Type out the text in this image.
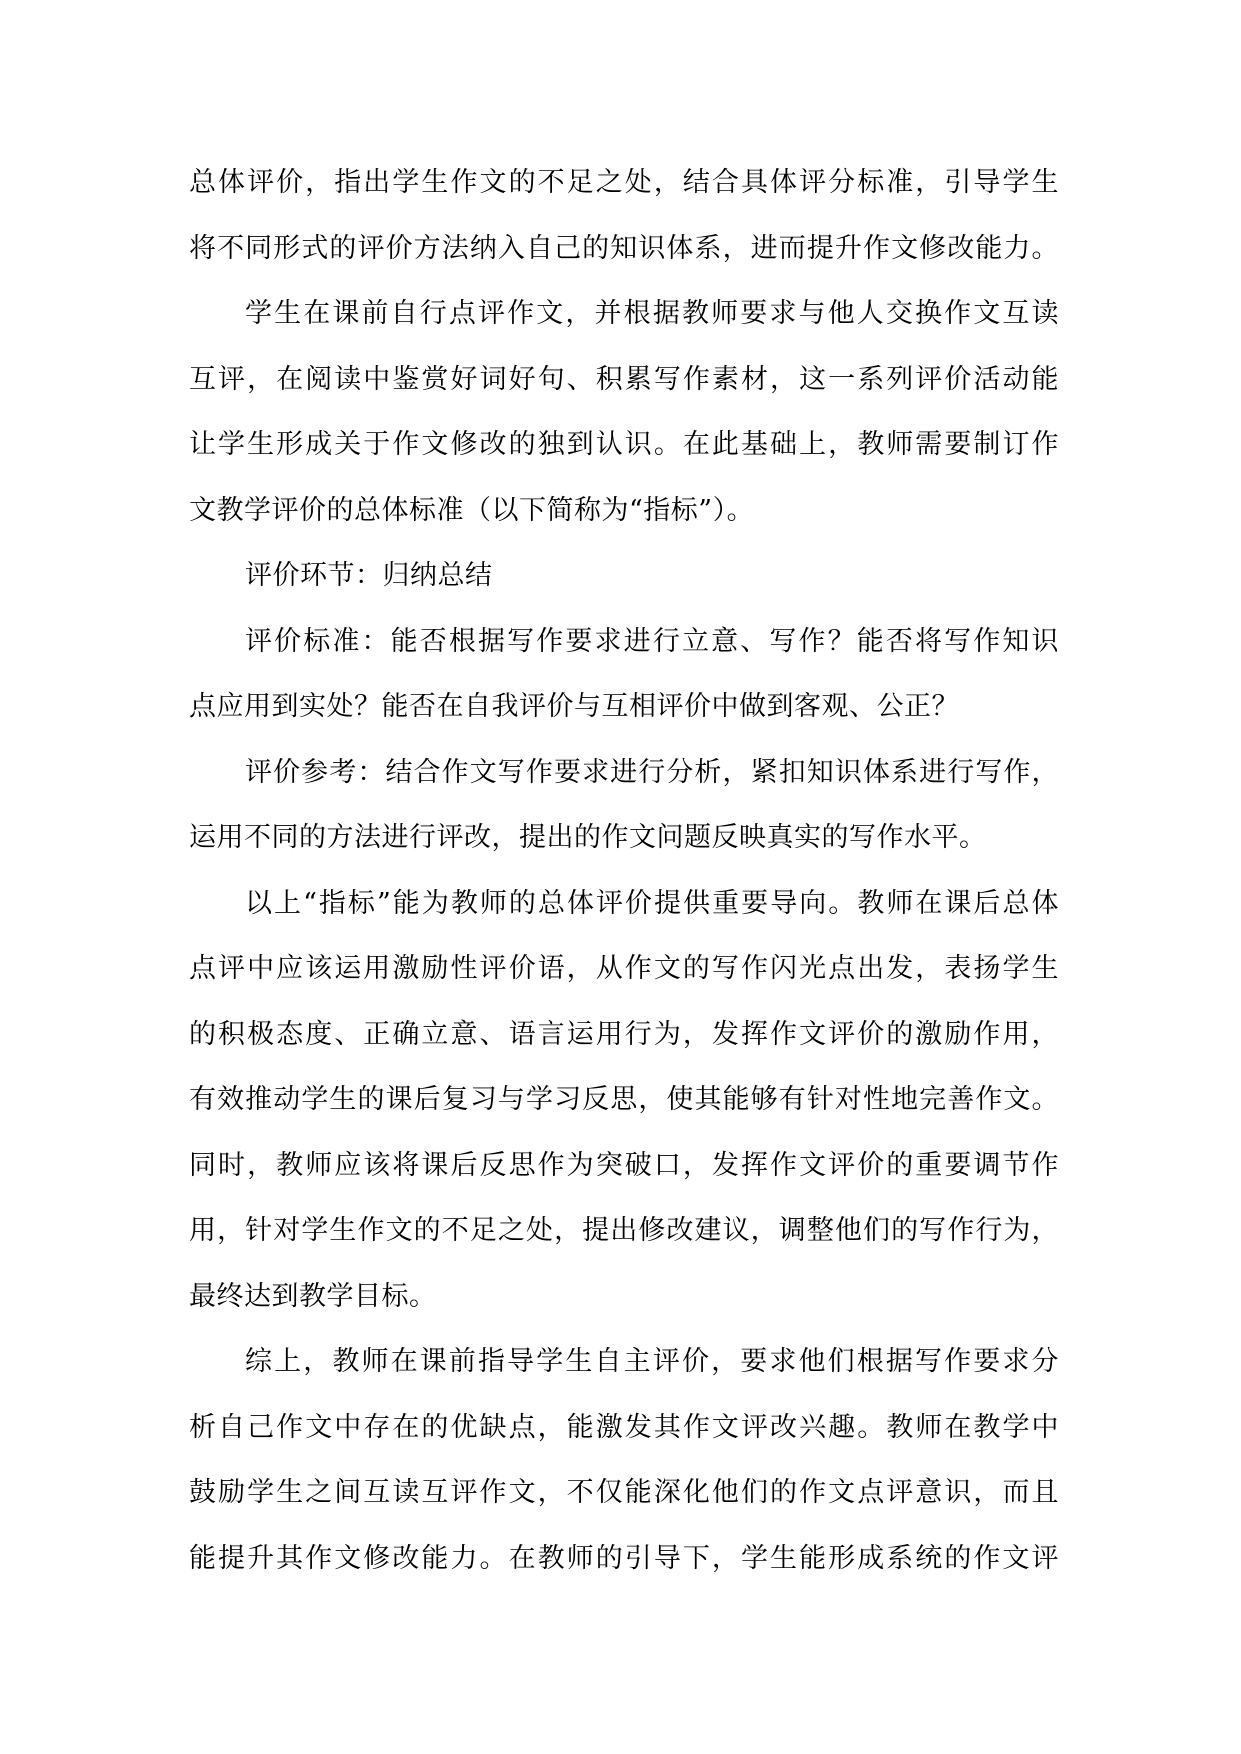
总体评价，指出学生作文的不足之处，结合具体评分标准，引导学生
将不同形式的评价方法纳入自己的知识体系，进而提升作文修改能力。

学生在课前自行点评作文，并根据教师要求与他人交换作文互读
互评，在阅读中鉴赏好词好句、积累写作素材，这一系列评价活动能
让学生形成关于作文修改的独到认识。在此基础上，教师需要制订作
文教学评价的总体标准（以下简称为“指标”）。

评价环节：归纳总结

评价标准：能否根据写作要求进行立意、写作？能否将写作知识
点应用到实处？能否在自我评价与互相评价中做到客观、公正？

评价参考：结合作文写作要求进行分析，紧扣知识体系进行写作，
运用不同的方法进行评改，提出的作文问题反映真实的写作水平。

以上“指标”能为教师的总体评价提供重要导向。教师在课后总体
点评中应该运用激励性评价语，从作文的写作闪光点出发，表扬学生
的积极态度、正确立意、语言运用行为，发挥作文评价的激励作用，
有效推动学生的课后复习与学习反思，使其能够有针对性地完善作文。
同时，教师应该将课后反思作为突破口，发挥作文评价的重要调节作
用，针对学生作文的不足之处，提出修改建议，调整他们的写作行为，
最终达到教学目标。

综上，教师在课前指导学生自主评价，要求他们根据写作要求分
析自己作文中存在的优缺点，能激发其作文评改兴趣。教师在教学中
鼓励学生之间互读互评作文，不仅能深化他们的作文点评意识，而且
能提升其作文修改能力。在教师的引导下，学生能形成系统的作文评
